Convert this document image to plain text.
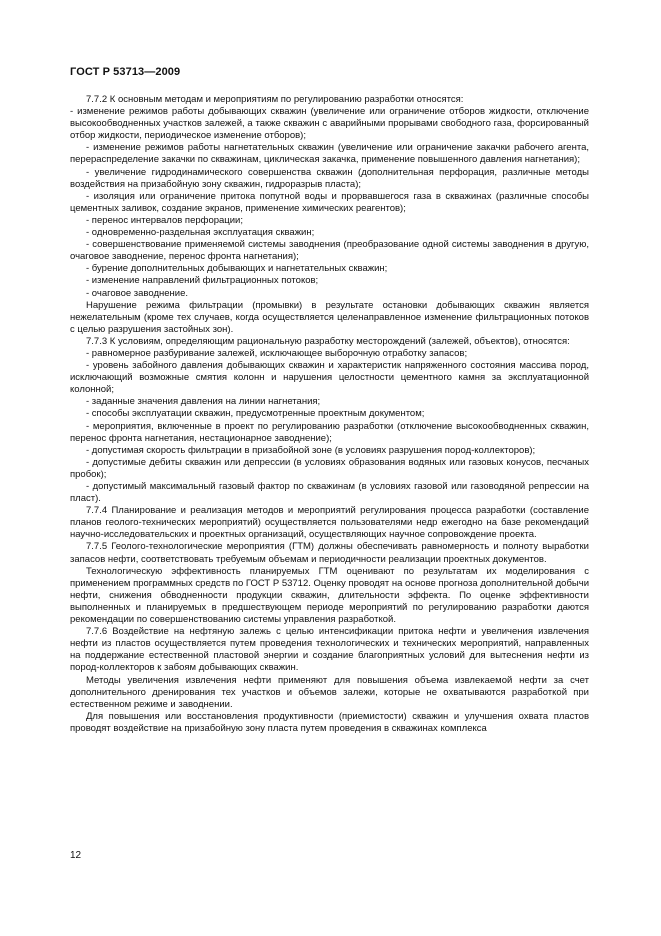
ГОСТ Р 53713—2009

7.7.2 К основным методам и мероприятиям по регулированию разработки относятся:

- изменение режимов работы добывающих скважин (увеличение или ограничение отборов жидкости, отключение высокообводненных участков залежей, а также скважин с аварийными прорывами свободного газа, форсированный отбор жидкости, периодическое изменение отборов);

- изменение режимов работы нагнетательных скважин (увеличение или ограничение закачки рабочего агента, перераспределение закачки по скважинам, циклическая закачка, применение повышенного давления нагнетания);

- увеличение гидродинамического совершенства скважин (дополнительная перфорация, различные методы воздействия на призабойную зону скважин, гидроразрыв пласта);

- изоляция или ограничение притока попутной воды и прорвавшегося газа в скважинах (различные способы цементных заливок, создание экранов, применение химических реагентов);

- перенос интервалов перфорации;

- одновременно-раздельная эксплуатация скважин;

- совершенствование применяемой системы заводнения (преобразование одной системы заводнения в другую, очаговое заводнение, перенос фронта нагнетания);

- бурение дополнительных добывающих и нагнетательных скважин;

- изменение направлений фильтрационных потоков;

- очаговое заводнение.

Нарушение режима фильтрации (промывки) в результате остановки добывающих скважин является нежелательным (кроме тех случаев, когда осуществляется целенаправленное изменение фильтрационных потоков с целью разрушения застойных зон).

7.7.3 К условиям, определяющим рациональную разработку месторождений (залежей, объектов), относятся:

- равномерное разбуривание залежей, исключающее выборочную отработку запасов;

- уровень забойного давления добывающих скважин и характеристик напряженного состояния массива пород, исключающий возможные смятия колонн и нарушения целостности цементного камня за эксплуатационной колонной;

- заданные значения давления на линии нагнетания;

- способы эксплуатации скважин, предусмотренные проектным документом;

- мероприятия, включенные в проект по регулированию разработки (отключение высокообводненных скважин, перенос фронта нагнетания, нестационарное заводнение);

- допустимая скорость фильтрации в призабойной зоне (в условиях разрушения пород-коллекторов);

- допустимые дебиты скважин или депрессии (в условиях образования водяных или газовых конусов, песчаных пробок);

- допустимый максимальный газовый фактор по скважинам (в условиях газовой или газоводяной репрессии на пласт).

7.7.4 Планирование и реализация методов и мероприятий регулирования процесса разработки (составление планов геолого-технических мероприятий) осуществляется пользователями недр ежегодно на базе рекомендаций научно-исследовательских и проектных организаций, осуществляющих научное сопровождение проекта.

7.7.5 Геолого-технологические мероприятия (ГТМ) должны обеспечивать равномерность и полноту выработки запасов нефти, соответствовать требуемым объемам и периодичности реализации проектных документов.

Технологическую эффективность планируемых ГТМ оценивают по результатам их моделирования с применением программных средств по ГОСТ Р 53712. Оценку проводят на основе прогноза дополнительной добычи нефти, снижения обводненности продукции скважин, длительности эффекта. По оценке эффективности выполненных и планируемых в предшествующем периоде мероприятий по регулированию разработки даются рекомендации по совершенствованию системы управления разработкой.

7.7.6 Воздействие на нефтяную залежь с целью интенсификации притока нефти и увеличения извлечения нефти из пластов осуществляется путем проведения технологических и технических мероприятий, направленных на поддержание естественной пластовой энергии и создание благоприятных условий для вытеснения нефти из пород-коллекторов к забоям добывающих скважин.

Методы увеличения извлечения нефти применяют для повышения объема извлекаемой нефти за счет дополнительного дренирования тех участков и объемов залежи, которые не охватываются разработкой при естественном режиме и заводнении.

Для повышения или восстановления продуктивности (приемистости) скважин и улучшения охвата пластов проводят воздействие на призабойную зону пласта путем проведения в скважинах комплекса

12
